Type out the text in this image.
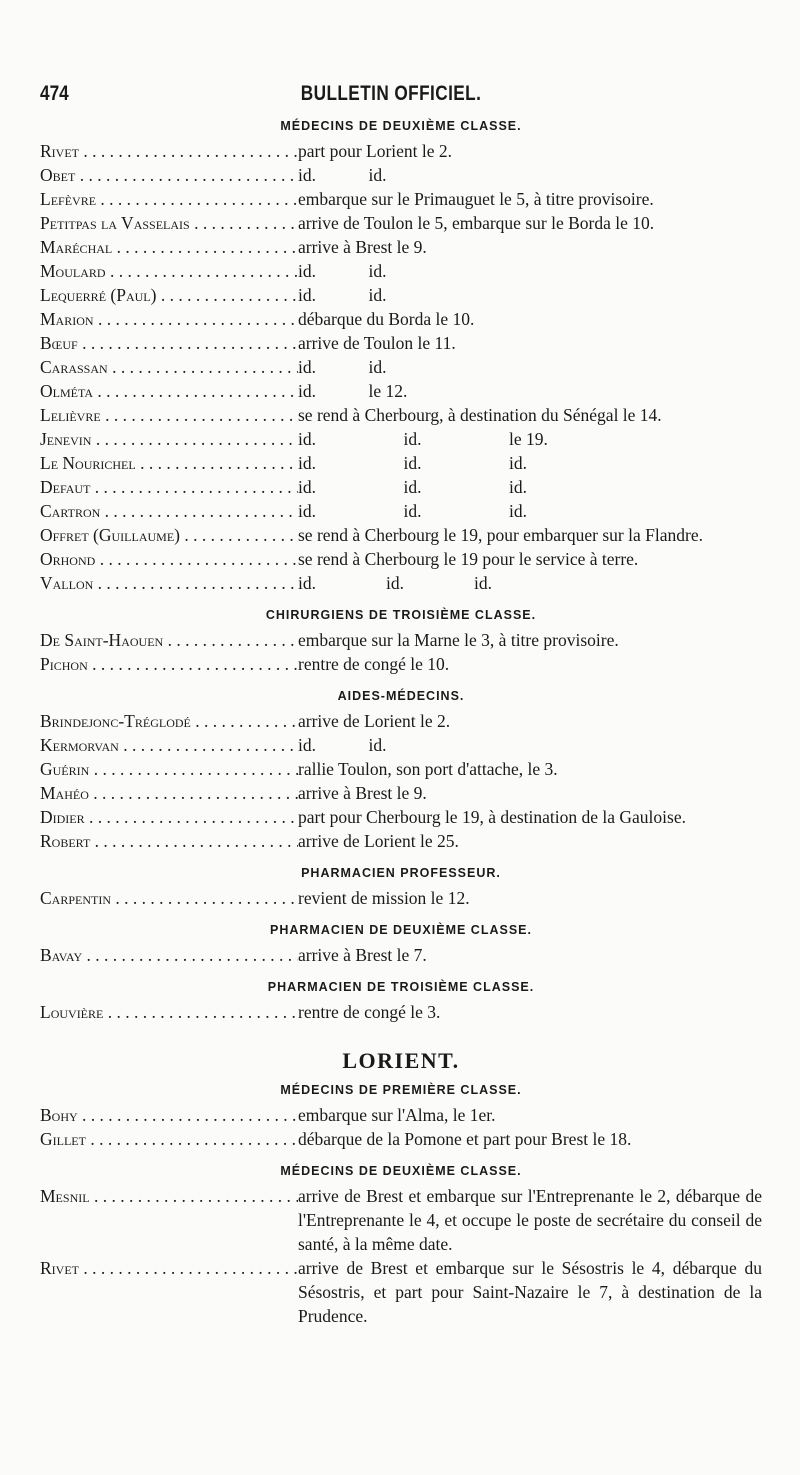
474	BULLETIN OFFICIEL.
MÉDECINS DE DEUXIÈME CLASSE.
Rivet . . .	part pour Lorient le 2.
Obet . . .	id.   id.
Lefèvre . . .	embarque sur le Primauguet le 5, à titre provisoire.
Petitpas la Vasselais . . .	arrive de Toulon le 5, embarque sur le Borda le 10.
Maréchal . . .	arrive à Brest le 9.
Moulard . . .	id.   id.
Lequerré (Paul) . . .	id.   id.
Marion . . .	débarque du Borda le 10.
Bœuf . . .	arrive de Toulon le 11.
Carassan . . .	id.   id.
Olméta . . .	id.   le 12.
Lelièvre . . .	se rend à Cherbourg, à destination du Sénégal le 14.
Jenevin . . .	id.     id.     le 19.
Le Nourichel . . .	id.     id.     id.
Defaut . . .	id.     id.     id.
Cartron . . .	id.     id.     id.
Offret (Guillaume) . . .	se rend à Cherbourg le 19, pour embarquer sur la Flandre.
Orhond . . .	se rend à Cherbourg le 19 pour le service à terre.
Vallon . . .	id.    id.    id.
CHIRURGIENS DE TROISIÈME CLASSE.
De Saint-Haouen . . .	embarque sur la Marne le 3, à titre provisoire.
Pichon . . .	rentre de congé le 10.
AIDES-MÉDECINS.
Brindejonc-Tréglodé . . .	arrive de Lorient le 2.
Kermorvan . . .	id.   id.
Guérin . . .	rallie Toulon, son port d'attache, le 3.
Mahéo . . .	arrive à Brest le 9.
Didier . . .	part pour Cherbourg le 19, à destination de la Gauloise.
Robert . . .	arrive de Lorient le 25.
PHARMACIEN PROFESSEUR.
Carpentin . . .	revient de mission le 12.
PHARMACIEN DE DEUXIÈME CLASSE.
Bavay . . .	arrive à Brest le 7.
PHARMACIEN DE TROISIÈME CLASSE.
Louvière . . .	rentre de congé le 3.
LORIENT.
MÉDECINS DE PREMIÈRE CLASSE.
Bohy . . .	embarque sur l'Alma, le 1er.
Gillet . . .	débarque de la Pomone et part pour Brest le 18.
MÉDECINS DE DEUXIÈME CLASSE.
Mesnil . . .	arrive de Brest et embarque sur l'Entreprenante le 2, débarque de l'Entreprenante le 4, et occupe le poste de secrétaire du conseil de santé, à la même date.
Rivet . . .	arrive de Brest et embarque sur le Sésostris le 4, débarque du Sésostris, et part pour Saint-Nazaire le 7, à destination de la Prudence.
